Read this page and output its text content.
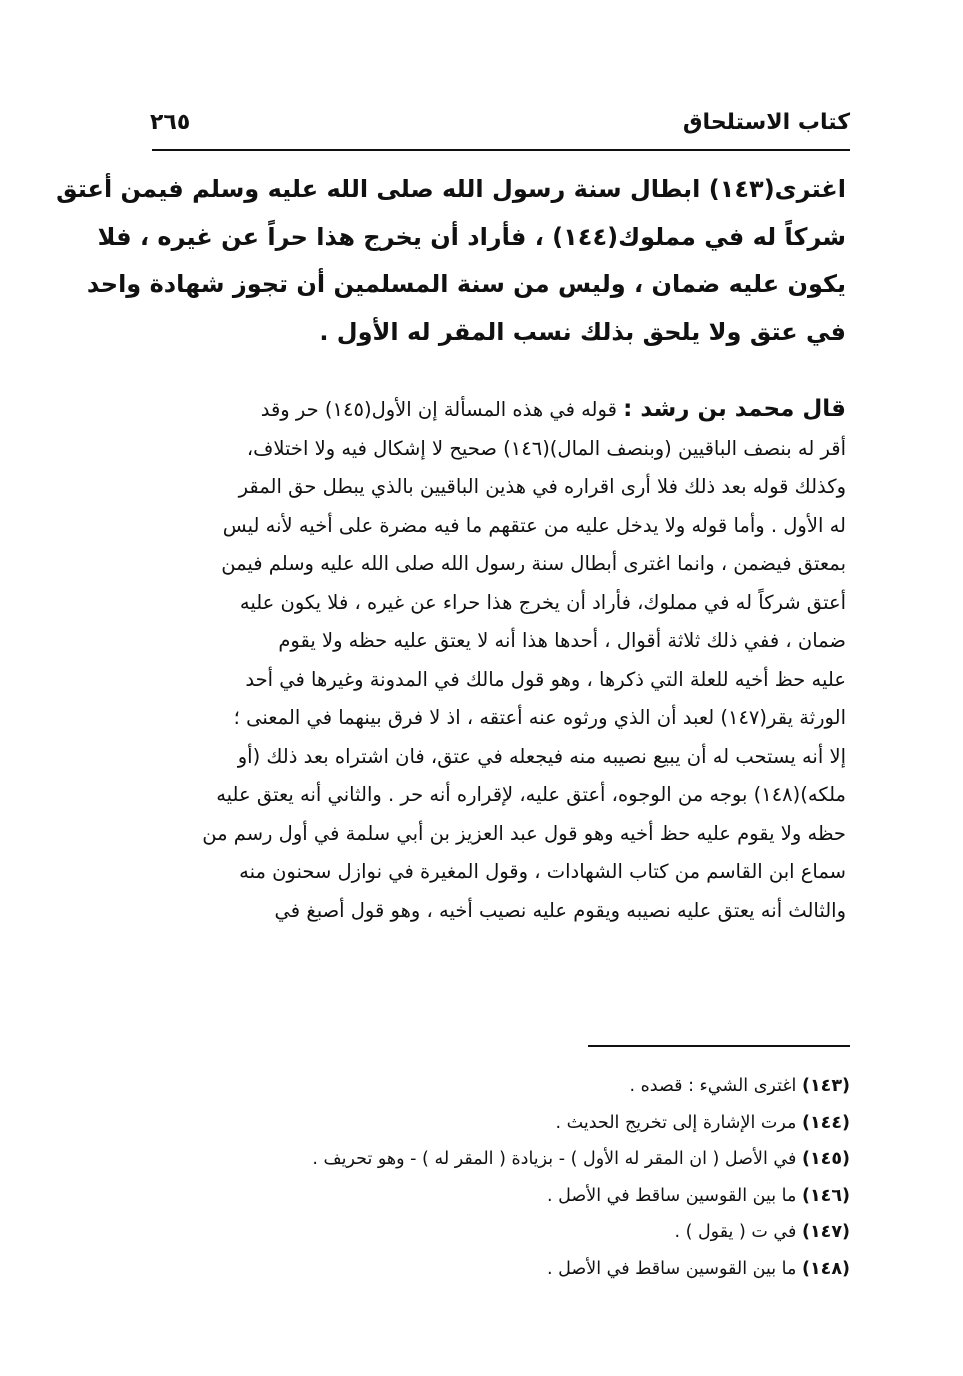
كتاب الاستلحاق
٢٦٥
اغترى(١٤٣) ابطال سنة رسول الله صلى الله عليه وسلم فيمن أعتق
شركاً له في مملوك(١٤٤) ، فأراد أن يخرج هذا حراً عن غيره ، فلا
يكون عليه ضمان ، وليس من سنة المسلمين أن تجوز شهادة واحد
في عتق ولا يلحق بذلك نسب المقر له الأول .
قال محمد بن رشد : قوله في هذه المسألة إن الأول(١٤٥) حر وقد
أقر له بنصف الباقيين (وبنصف المال)(١٤٦) صحيح لا إشكال فيه ولا اختلاف،
وكذلك قوله بعد ذلك فلا أرى اقراره في هذين الباقيين بالذي يبطل حق المقر
له الأول . وأما قوله ولا يدخل عليه من عتقهم ما فيه مضرة على أخيه لأنه ليس
بمعتق فيضمن ، وانما اغترى أبطال سنة رسول الله صلى الله عليه وسلم فيمن
أعتق شركاً له في مملوك، فأراد أن يخرج هذا حراء عن غيره ، فلا يكون عليه
ضمان ، ففي ذلك ثلاثة أقوال ، أحدها هذا أنه لا يعتق عليه حظه ولا يقوم
عليه حظ أخيه للعلة التي ذكرها ، وهو قول مالك في المدونة وغيرها في أحد
الورثة يقر(١٤٧) لعبد أن الذي ورثوه عنه أعتقه ، اذ لا فرق بينهما في المعنى ؛
إلا أنه يستحب له أن يبيع نصيبه منه فيجعله في عتق، فان اشتراه بعد ذلك (أو
ملكه)(١٤٨) بوجه من الوجوه، أعتق عليه، لإقراره أنه حر . والثاني أنه يعتق عليه
حظه ولا يقوم عليه حظ أخيه وهو قول عبد العزيز بن أبي سلمة في أول رسم من
سماع ابن القاسم من كتاب الشهادات ، وقول المغيرة في نوازل سحنون منه
والثالث أنه يعتق عليه نصيبه ويقوم عليه نصيب أخيه ، وهو قول أصبغ في
(١٤٣) اغترى الشيء : قصده .
(١٤٤) مرت الإشارة إلى تخريج الحديث .
(١٤٥) في الأصل ( ان المقر له الأول ) - بزيادة ( المقر له ) - وهو تحريف .
(١٤٦) ما بين القوسين ساقط في الأصل .
(١٤٧) في ت ( يقول ) .
(١٤٨) ما بين القوسين ساقط في الأصل .
